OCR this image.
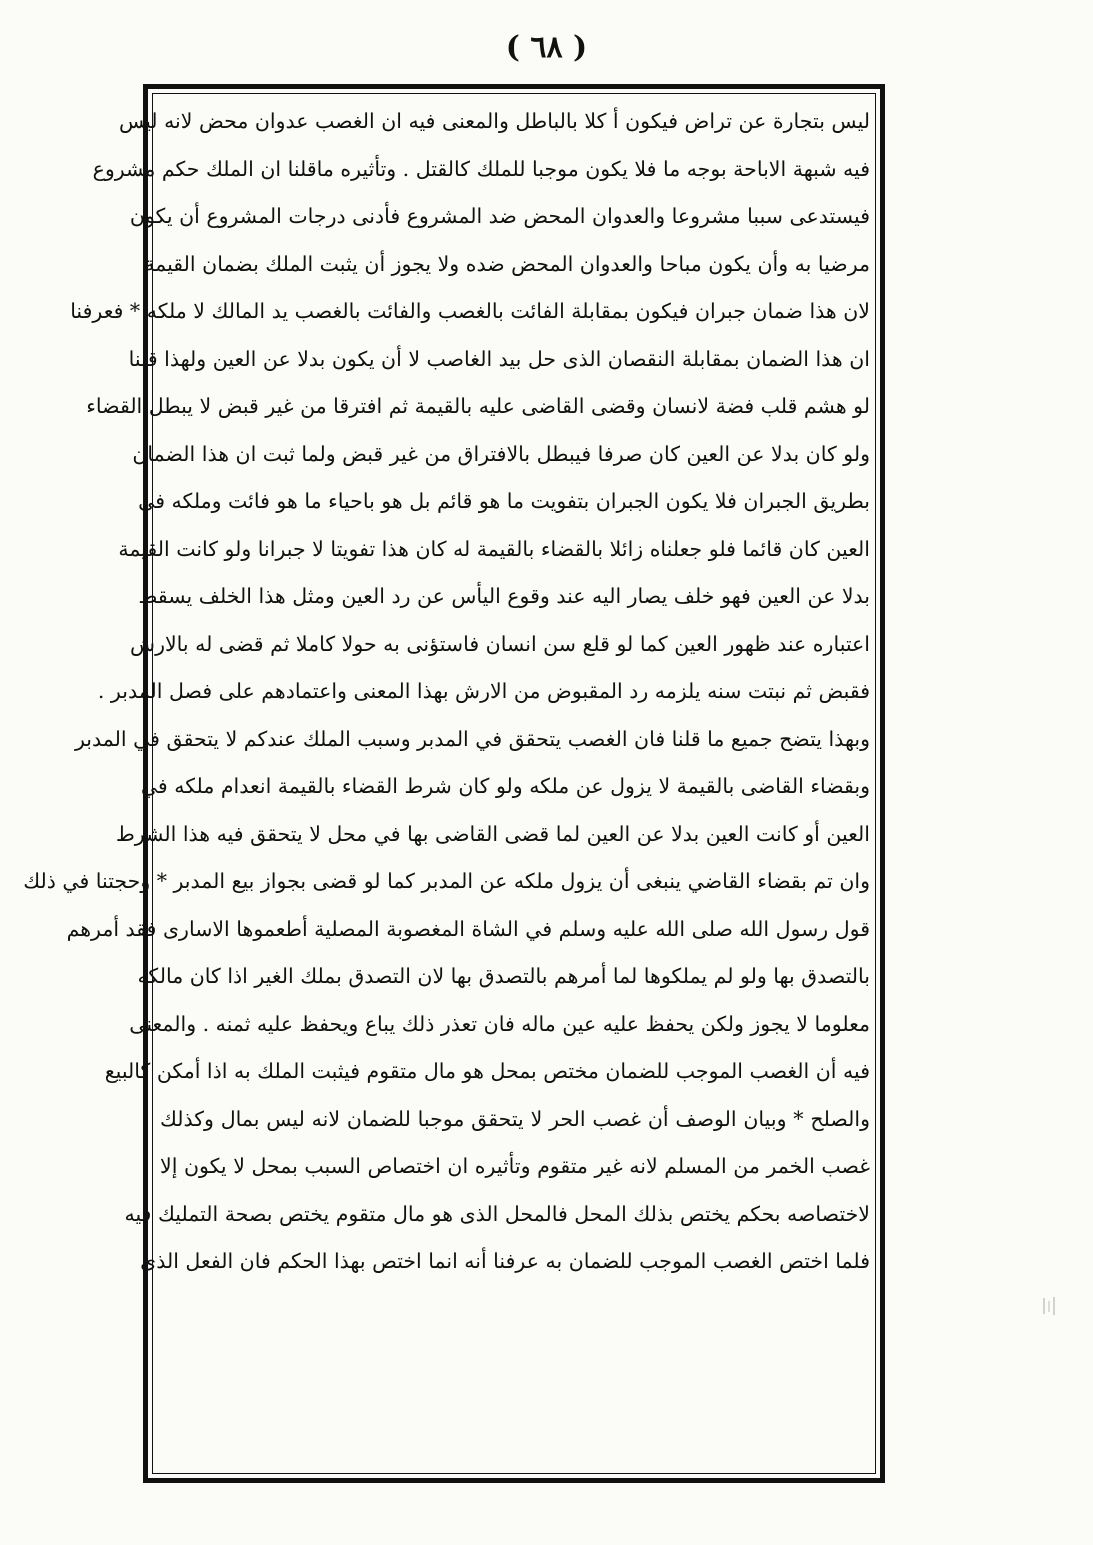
( ٦٨ )
ليس بتجارة عن تراض فيكون أ كلا بالباطل والمعنى فيه ان الغصب عدوان محض لانه ليس
فيه شبهة الاباحة بوجه ما فلا يكون موجبا للملك كالقتل . وتأثيره ماقلنا ان الملك حكم مشروع
فيستدعى سببا مشروعا والعدوان المحض ضد المشروع فأدنى درجات المشروع أن يكون
مرضيا به وأن يكون مباحا والعدوان المحض ضده ولا يجوز أن يثبت الملك بضمان القيمة
لان هذا ضمان جبران فيكون بمقابلة الفائت بالغصب والفائت بالغصب يد المالك لا ملكه * فعرفنا
ان هذا الضمان بمقابلة النقصان الذى حل بيد الغاصب لا أن يكون بدلا عن العين ولهذا قلنا
لو هشم قلب فضة لانسان وقضى القاضى عليه بالقيمة ثم افترقا من غير قبض لا يبطل القضاء
ولو كان بدلا عن العين كان صرفا فيبطل بالافتراق من غير قبض ولما ثبت ان هذا الضمان
بطريق الجبران فلا يكون الجبران بتفويت ما هو قائم بل هو باحياء ما هو فائت وملكه في
العين كان قائما فلو جعلناه زائلا بالقضاء بالقيمة له كان هذا تفويتا لا جبرانا ولو كانت القيمة
بدلا عن العين فهو خلف يصار اليه عند وقوع اليأس عن رد العين ومثل هذا الخلف يسقط
اعتباره عند ظهور العين كما لو قلع سن انسان فاستؤنى به حولا كاملا ثم قضى له بالارش
فقبض ثم نبتت سنه يلزمه رد المقبوض من الارش بهذا المعنى واعتمادهم على فصل المدبر .
وبهذا يتضح جميع ما قلنا فان الغصب يتحقق في المدبر وسبب الملك عندكم لا يتحقق في المدبر
وبقضاء القاضى بالقيمة لا يزول عن ملكه ولو كان شرط القضاء بالقيمة انعدام ملكه في
العين أو كانت العين بدلا عن العين لما قضى القاضى بها في محل لا يتحقق فيه هذا الشرط
وان تم بقضاء القاضي ينبغى أن يزول ملكه عن المدبر كما لو قضى بجواز بيع المدبر * وحجتنا في ذلك
قول رسول الله صلى الله عليه وسلم في الشاة المغصوبة المصلية أطعموها الاسارى فقد أمرهم
بالتصدق بها ولو لم يملكوها لما أمرهم بالتصدق بها لان التصدق بملك الغير اذا كان مالكه
معلوما لا يجوز ولكن يحفظ عليه عين ماله فان تعذر ذلك يباع ويحفظ عليه ثمنه . والمعنى
فيه أن الغصب الموجب للضمان مختص بمحل هو مال متقوم فيثبت الملك به اذا أمكن كالبيع
والصلح * وبيان الوصف أن غصب الحر لا يتحقق موجبا للضمان لانه ليس بمال وكذلك
غصب الخمر من المسلم لانه غير متقوم وتأثيره ان اختصاص السبب بمحل لا يكون إلا
لاختصاصه بحكم يختص بذلك المحل فالمحل الذى هو مال متقوم يختص بصحة التمليك فيه
فلما اختص الغصب الموجب للضمان به عرفنا أنه انما اختص بهذا الحكم فان الفعل الذى
